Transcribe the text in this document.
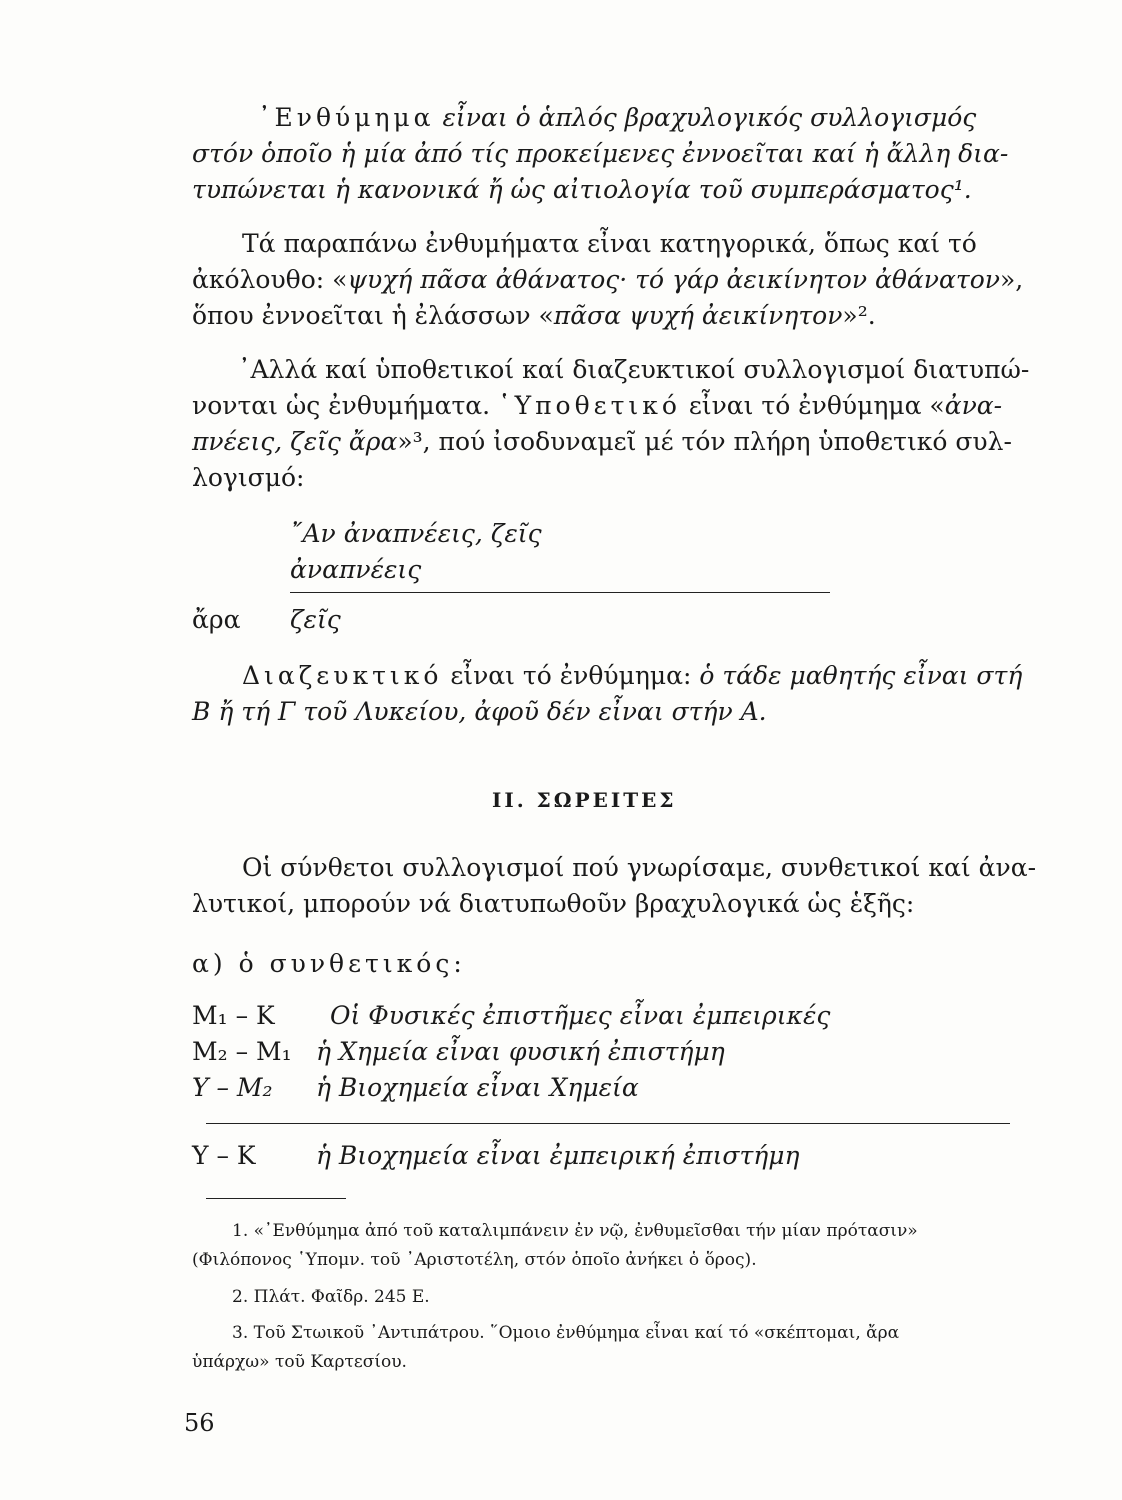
᾿Ενθύμημα εἶναι ὁ ἁπλός βραχυλογικός συλλογισμός
στόν ὁποῖο ἡ μία ἀπό τίς προκείμενες ἐννοεῖται καί ἡ ἄλλη δια-
τυπώνεται ἡ κανονικά ἤ ὡς αἰτιολογία τοῦ συμπεράσματος¹.
Τά παραπάνω ἐνθυμήματα εἶναι κατηγορικά, ὅπως καί τό
ἀκόλουθο: «ψυχή πᾶσα ἀθάνατος· τό γάρ ἀεικίνητον ἀθάνατον»,
ὅπου ἐννοεῖται ἡ ἐλάσσων «πᾶσα ψυχή ἀεικίνητον»².
᾿Αλλά καί ὑποθετικοί καί διαζευκτικοί συλλογισμοί διατυπώ-
νονται ὡς ἐνθυμήματα. ῾Υποθετικό εἶναι τό ἐνθύμημα «ἀνα-
πνέεις, ζεῖς ἄρα»³, πού ἰσοδυναμεῖ μέ τόν πλήρη ὑποθετικό συλ-
λογισμό:
῎Αν ἀναπνέεις, ζεῖς
ἀναπνέεις
ἄρα ζεῖς
Διαζευκτικό εἶναι τό ἐνθύμημα: ὁ τάδε μαθητής εἶναι στή
Β ἤ τή Γ τοῦ Λυκείου, ἀφοῦ δέν εἶναι στήν Α.
ΙΙ. ΣΩΡΕΙΤΕΣ
Οἱ σύνθετοι συλλογισμοί πού γνωρίσαμε, συνθετικοί καί ἀνα-
λυτικοί, μπορούν νά διατυπωθοῦν βραχυλογικά ὡς ἑξῆς:
α) ὁ συνθετικός:
M₁ – K Οἱ Φυσικές ἐπιστῆμες εἶναι ἐμπειρικές
M₂ – M₁ ἡ Χημεία εἶναι φυσική ἐπιστήμη
Y – M₂ ἡ Βιοχημεία εἶναι Χημεία
Y – K ἡ Βιοχημεία εἶναι ἐμπειρική ἐπιστήμη
1. «᾿Ενθύμημα ἀπό τοῦ καταλιμπάνειν ἐν νῷ, ἐνθυμεῖσθαι τήν μίαν πρότασιν»
(Φιλόπονος ῾Υπομν. τοῦ ᾿Αριστοτέλη, στόν ὁποῖο ἀνήκει ὁ ὅρος).
2. Πλάτ. Φαῖδρ. 245 Ε.
3. Τοῦ Στωικοῦ ᾿Αντιπάτρου. ῞Ομοιο ἐνθύμημα εἶναι καί τό «σκέπτομαι, ἄρα
ὑπάρχω» τοῦ Καρτεσίου.
56
